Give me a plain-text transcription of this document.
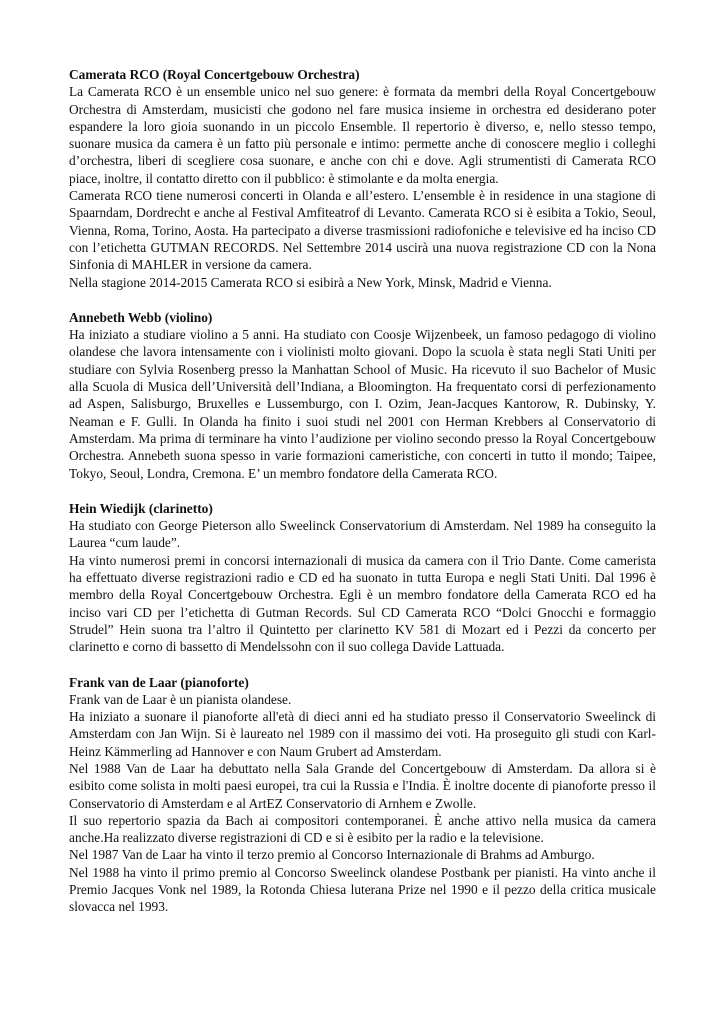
Camerata RCO (Royal Concertgebouw Orchestra)

La Camerata RCO è un ensemble unico nel suo genere: è formata da membri della Royal Concertgebouw Orchestra di Amsterdam, musicisti che godono nel fare musica insieme in orchestra ed desiderano poter espandere la loro gioia suonando in un piccolo Ensemble. Il repertorio è diverso, e, nello stesso tempo, suonare musica da camera è un fatto più personale e intimo: permette anche di conoscere meglio i colleghi d’orchestra, liberi di scegliere cosa suonare, e anche con chi e dove. Agli strumentisti di Camerata RCO piace, inoltre, il contatto diretto con il pubblico: è stimolante e da molta energia.

Camerata RCO tiene numerosi concerti in Olanda e all’estero. L’ensemble è in residence in una stagione di Spaarndam, Dordrecht e anche al Festival Amfiteatrof di Levanto. Camerata RCO si è esibita a Tokio, Seoul, Vienna, Roma, Torino, Aosta. Ha partecipato a diverse trasmissioni radiofoniche e televisive ed ha inciso CD con l’etichetta GUTMAN RECORDS. Nel Settembre 2014 uscirà una nuova registrazione CD con la Nona Sinfonia di MAHLER in versione da camera.

Nella stagione 2014-2015 Camerata RCO si esibirà a New York, Minsk, Madrid e Vienna.

Annebeth Webb (violino)

Ha iniziato a studiare violino a 5 anni. Ha studiato con Coosje Wijzenbeek, un famoso pedagogo di violino olandese che lavora intensamente con i violinisti molto giovani. Dopo la scuola è stata negli Stati Uniti per studiare con Sylvia Rosenberg presso la Manhattan School of Music. Ha ricevuto il suo Bachelor of Music alla Scuola di Musica dell’Università dell’Indiana, a Bloomington. Ha frequentato corsi di perfezionamento ad Aspen, Salisburgo, Bruxelles e Lussemburgo, con I. Ozim, Jean-Jacques Kantorow, R. Dubinsky, Y. Neaman e F. Gulli. In Olanda ha finito i suoi studi nel 2001 con Herman Krebbers al Conservatorio di Amsterdam. Ma prima di terminare ha vinto l’audizione per violino secondo presso la Royal Concertgebouw Orchestra. Annebeth suona spesso in varie formazioni cameristiche, con concerti in tutto il mondo; Taipee, Tokyo, Seoul, Londra, Cremona. E’ un membro fondatore della Camerata RCO.

Hein Wiedijk (clarinetto)

Ha studiato con George Pieterson allo Sweelinck Conservatorium di Amsterdam. Nel 1989 ha conseguito la Laurea “cum laude”.

Ha vinto numerosi premi in concorsi internazionali di musica da camera con il Trio Dante. Come camerista ha effettuato diverse registrazioni radio e CD ed ha suonato in tutta Europa e negli Stati Uniti. Dal 1996 è membro della Royal Concertgebouw Orchestra. Egli è un membro fondatore della Camerata RCO ed ha inciso vari CD per l’etichetta di Gutman Records. Sul CD Camerata RCO “Dolci Gnocchi e formaggio Strudel” Hein suona tra l’altro il Quintetto per clarinetto KV 581 di Mozart ed i Pezzi da concerto per clarinetto e corno di bassetto di Mendelssohn con il suo collega Davide Lattuada.

Frank van de Laar (pianoforte)

Frank van de Laar è un pianista olandese.

Ha iniziato a suonare il pianoforte all'età di dieci anni ed ha studiato presso il Conservatorio Sweelinck di Amsterdam con Jan Wijn. Si è laureato nel 1989 con il massimo dei voti. Ha proseguito gli studi con Karl-Heinz Kämmerling ad Hannover e con Naum Grubert ad Amsterdam.

Nel 1988 Van de Laar ha debuttato nella Sala Grande del Concertgebouw di Amsterdam. Da allora si è esibito come solista in molti paesi europei, tra cui la Russia e l'India. È inoltre docente di pianoforte presso il Conservatorio di Amsterdam e al ArtEZ Conservatorio di Arnhem e Zwolle.

Il suo repertorio spazia da Bach ai compositori contemporanei. È anche attivo nella musica da camera anche.Ha realizzato diverse registrazioni di CD e si è esibito per la radio e la televisione.

Nel 1987 Van de Laar ha vinto il terzo premio al Concorso Internazionale di Brahms ad Amburgo.

Nel 1988 ha vinto il primo premio al Concorso Sweelinck olandese Postbank per pianisti. Ha vinto anche il Premio Jacques Vonk nel 1989, la Rotonda Chiesa luterana Prize nel 1990 e il pezzo della critica musicale slovacca nel 1993.
